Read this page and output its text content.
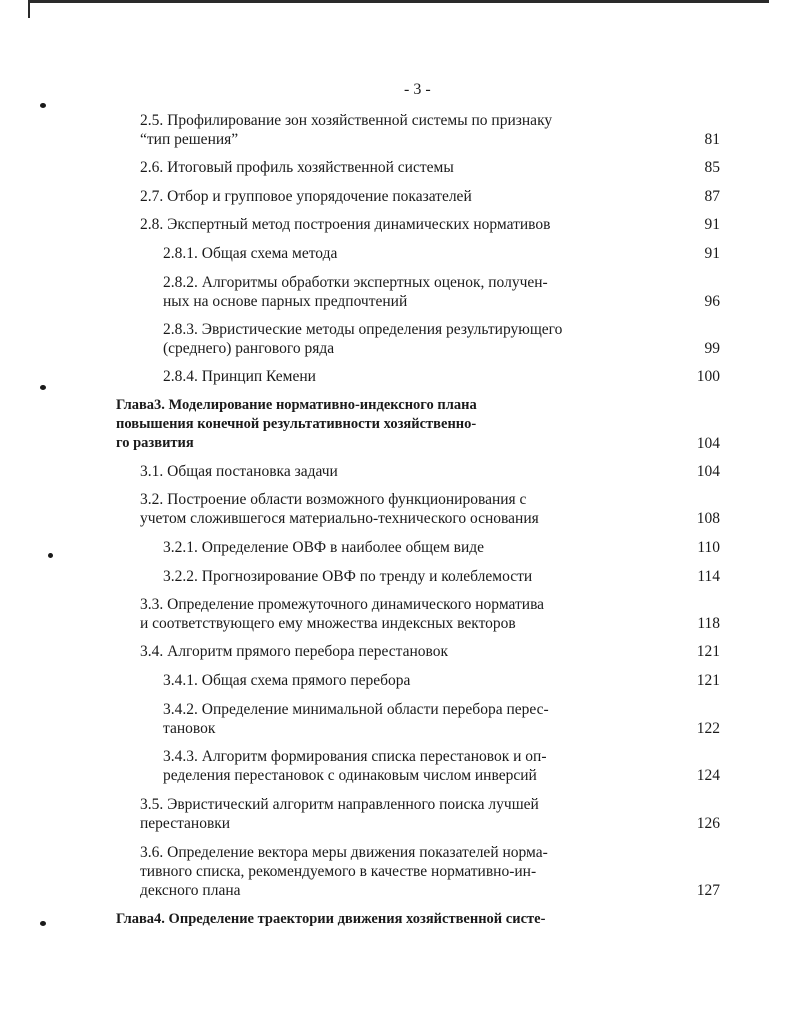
- 3 -
2.5. Профилирование зон хозяйственной системы по признаку
“тип решения”	81
2.6. Итоговый профиль хозяйственной системы	85
2.7. Отбор и групповое упорядочение показателей	87
2.8. Экспертный метод построения динамических нормативов	91
2.8.1. Общая схема метода	91
2.8.2. Алгоритмы обработки экспертных оценок, получен-
ных на основе парных предпочтений	96
2.8.3. Эвристические методы определения результирующего
(среднего) рангового ряда	99
2.8.4. Принцип Кемени	100
Глава3. Моделирование нормативно-индексного плана
повышения конечной результативности хозяйственно-
го развития	104
3.1. Общая постановка задачи	104
3.2. Построение области возможного функционирования с
учетом сложившегося материально-технического основания	108
3.2.1. Определение ОВФ в наиболее общем виде	110
3.2.2. Прогнозирование ОВФ по тренду и колеблемости	114
3.3. Определение промежуточного динамического норматива
и соответствующего ему множества индексных векторов	118
3.4. Алгоритм прямого перебора перестановок	121
3.4.1. Общая схема прямого перебора	121
3.4.2. Определение минимальной области перебора перес-
тановок	122
3.4.3. Алгоритм формирования списка перестановок и оп-
ределения перестановок с одинаковым числом инверсий	124
3.5. Эвристический алгоритм направленного поиска лучшей
перестановки	126
3.6. Определение вектора меры движения показателей норма-
тивного списка, рекомендуемого в качестве нормативно-ин-
дексного плана	127
Глава4. Определение траектории движения хозяйственной систе-
